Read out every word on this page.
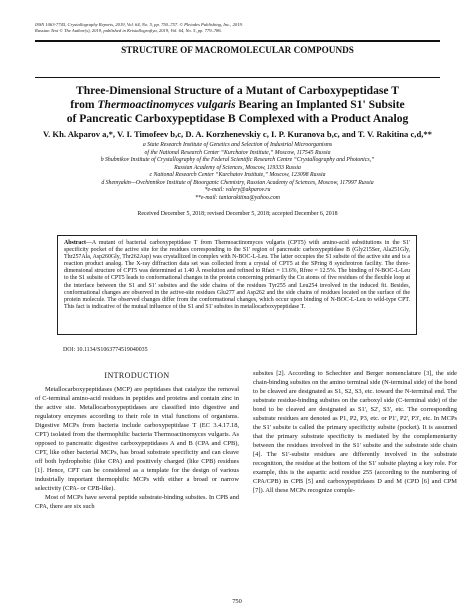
ISSN 1063-7745, Crystallography Reports, 2019, Vol. 64, No. 5, pp. 750–757. © Pleiades Publishing, Inc., 2019.
Russian Text © The Author(s), 2019, published in Kristallografiya, 2019, Vol. 64, No. 5, pp. 779–786.
STRUCTURE OF MACROMOLECULAR COMPOUNDS
Three-Dimensional Structure of a Mutant of Carboxypeptidase T
from Thermoactinomyces vulgaris Bearing an Implanted S1' Subsite
of Pancreatic Carboxypeptidase B Complexed with a Product Analog
V. Kh. Akparov a,*, V. I. Timofeev b,c, D. A. Korzhenevskiy c, I. P. Kuranova b,c, and T. V. Rakitina c,d,**
a State Research Institute of Genetics and Selection of Industrial Microorganisms
of the National Research Center “Kurchatov Institute,” Moscow, 117545 Russia
b Shubnikov Institute of Crystallography of the Federal Scientific Research Centre “Crystallography and Photonics,”
Russian Academy of Sciences, Moscow, 119333 Russia
c National Research Center “Kurchatov Institute,” Moscow, 123098 Russia
d Shemyakin—Ovchinnikov Institute of Bioorganic Chemistry, Russian Academy of Sciences, Moscow, 117997 Russia
*e-mail: valery@akparov.ru
**e-mail: taniarakitina@yahoo.com
Received December 5, 2018; revised December 5, 2018; accepted December 6, 2018
Abstract—A mutant of bacterial carboxypeptidase T from Thermoactinomyces vulgaris (CPT5) with amino-acid substitutions in the S1' specificity pocket of the active site for the residues corresponding to the S1' region of pancreatic carboxypeptidase B (Gly215Ser, Ala251Gly, Thr257Ala, Asp260Gly, Thr262Asp) was crystallized in complex with N-BOC-L-Leu. The latter occupies the S1 subsite of the active site and is a reaction product analog. The X-ray diffraction data set was collected from a crystal of CPT5 at the SPring 8 synchrotron facility. The three-dimensional structure of CPT5 was determined at 1.40 Å resolution and refined to Rfact = 13.6%, Rfree = 12.5%. The binding of N-BOC-L-Leu to the S1 subsite of CPT5 leads to conformational changes in the protein concerning primarily the Cα atoms of five residues of the flexible loop at the interface between the S1 and S1' subsites and the side chains of the residues Tyr255 and Leu254 involved in the induced fit. Besides, conformational changes are observed in the active-site residues Glu277 and Asp262 and the side chains of residues located on the surface of the protein molecule. The observed changes differ from the conformational changes, which occur upon binding of N-BOC-L-Leu to wild-type CPT. This fact is indicative of the mutual influence of the S1 and S1' subsites in metallocarboxypeptidase T.
DOI: 10.1134/S1063774519040035
INTRODUCTION

Metallocarboxypeptidases (MCP) are peptidases that catalyze the removal of C-terminal amino-acid residues in peptides and proteins and contain zinc in the active site. Metallocarboxypeptidases are classified into digestive and regulatory enzymes according to their role in vital functions of organisms. Digestive MCPs from bacteria include carboxypeptidase T (EC 3.4.17.18, CPT) isolated from the thermophilic bacteria Thermoactinomyces vulgaris. As opposed to pancreatic digestive carboxypeptidases A and B (CPA and CPB), CPT, like other bacterial MCPs, has broad substrate specificity and can cleave off both hydrophobic (like CPA) and positively charged (like CPB) residues [1]. Hence, CPT can be considered as a template for the design of various industrially important thermophilic MCPs with either a broad or narrow selectivity (CPA- or CPB-like).

Most of MCPs have several peptide substrate-binding subsites. In CPB and CPA, there are six such

subsites [2]. According to Schechter and Berger nomenclature [3], the side chain-binding subsites on the amino terminal side (N-terminal side) of the bond to be cleaved are designated as S1, S2, S3, etc. toward the N-terminal end. The substrate residue-binding subsites on the carboxyl side (C-terminal side) of the bond to be cleaved are designated as S1', S2', S3', etc. The corresponding substrate residues are denoted as P1, P2, P3, etc. or P1', P2', P3', etc. In MCPs the S1' subsite is called the primary specificity subsite (pocket). It is assumed that the primary substrate specificity is mediated by the complementarity between the residues involved in the S1' subsite and the substrate side chain [4]. The S1'-subsite residues are differently involved in the substrate recognition, the residue at the bottom of the S1' subsite playing a key role. For example, this is the aspartic acid residue 255 (according to the numbering of CPA/CPB) in CPB [5] and carboxypeptidases D and M (CPD [6] and CPM [7]). All these MCPs recognize comple-

750
